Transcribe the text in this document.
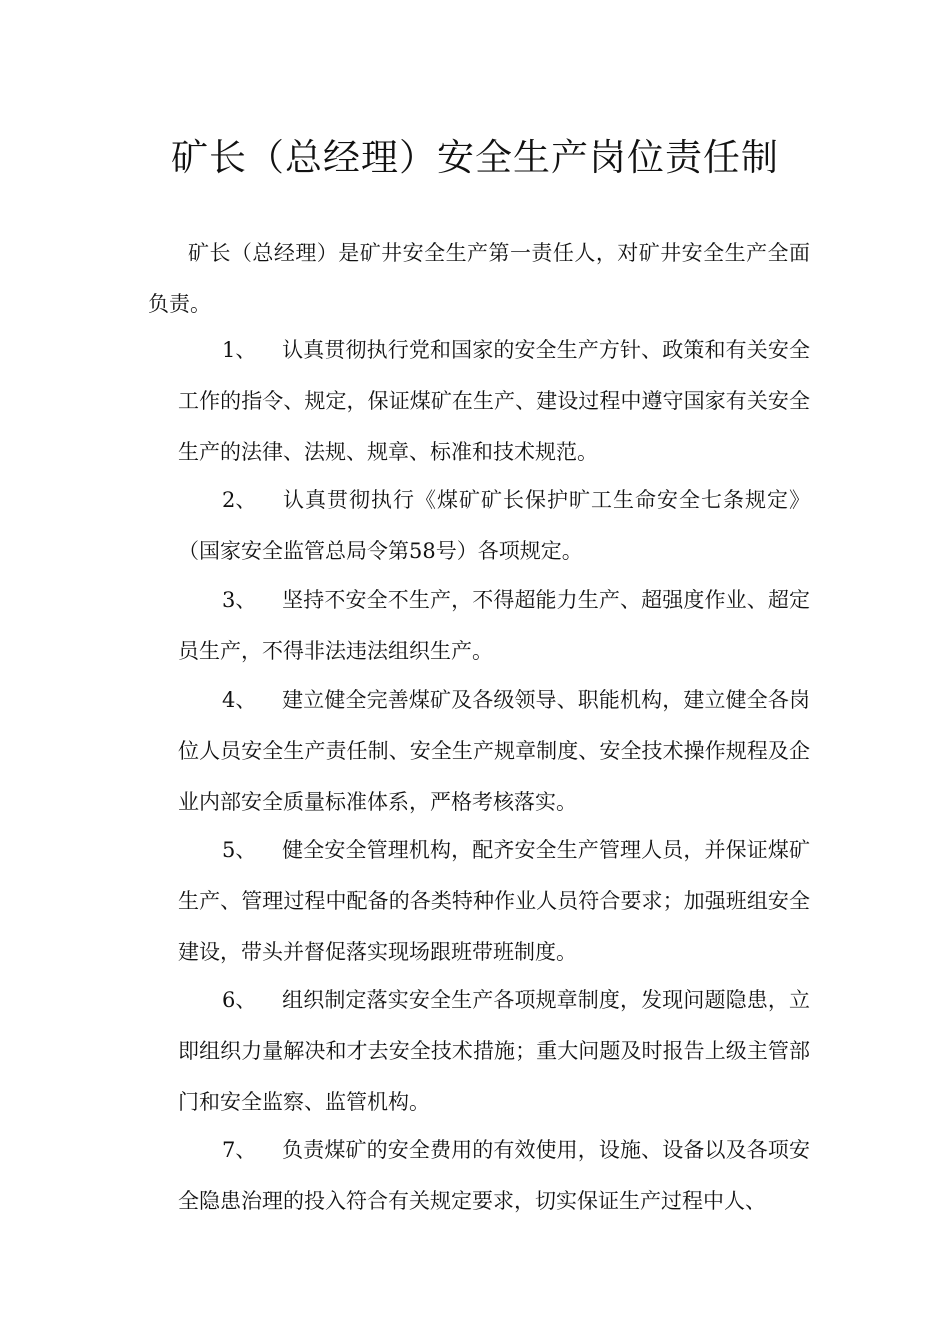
矿长（总经理）安全生产岗位责任制
矿长（总经理）是矿井安全生产第一责任人，对矿井安全生产全面负责。
1、 认真贯彻执行党和国家的安全生产方针、政策和有关安全工作的指令、规定，保证煤矿在生产、建设过程中遵守国家有关安全生产的法律、法规、规章、标准和技术规范。
2、 认真贯彻执行《煤矿矿长保护旷工生命安全七条规定》（国家安全监管总局令第58号）各项规定。
3、 坚持不安全不生产，不得超能力生产、超强度作业、超定员生产，不得非法违法组织生产。
4、 建立健全完善煤矿及各级领导、职能机构，建立健全各岗位人员安全生产责任制、安全生产规章制度、安全技术操作规程及企业内部安全质量标准体系，严格考核落实。
5、 健全安全管理机构，配齐安全生产管理人员，并保证煤矿生产、管理过程中配备的各类特种作业人员符合要求；加强班组安全建设，带头并督促落实现场跟班带班制度。
6、 组织制定落实安全生产各项规章制度，发现问题隐患，立即组织力量解决和才去安全技术措施；重大问题及时报告上级主管部门和安全监察、监管机构。
7、 负责煤矿的安全费用的有效使用，设施、设备以及各项安全隐患治理的投入符合有关规定要求，切实保证生产过程中人、
